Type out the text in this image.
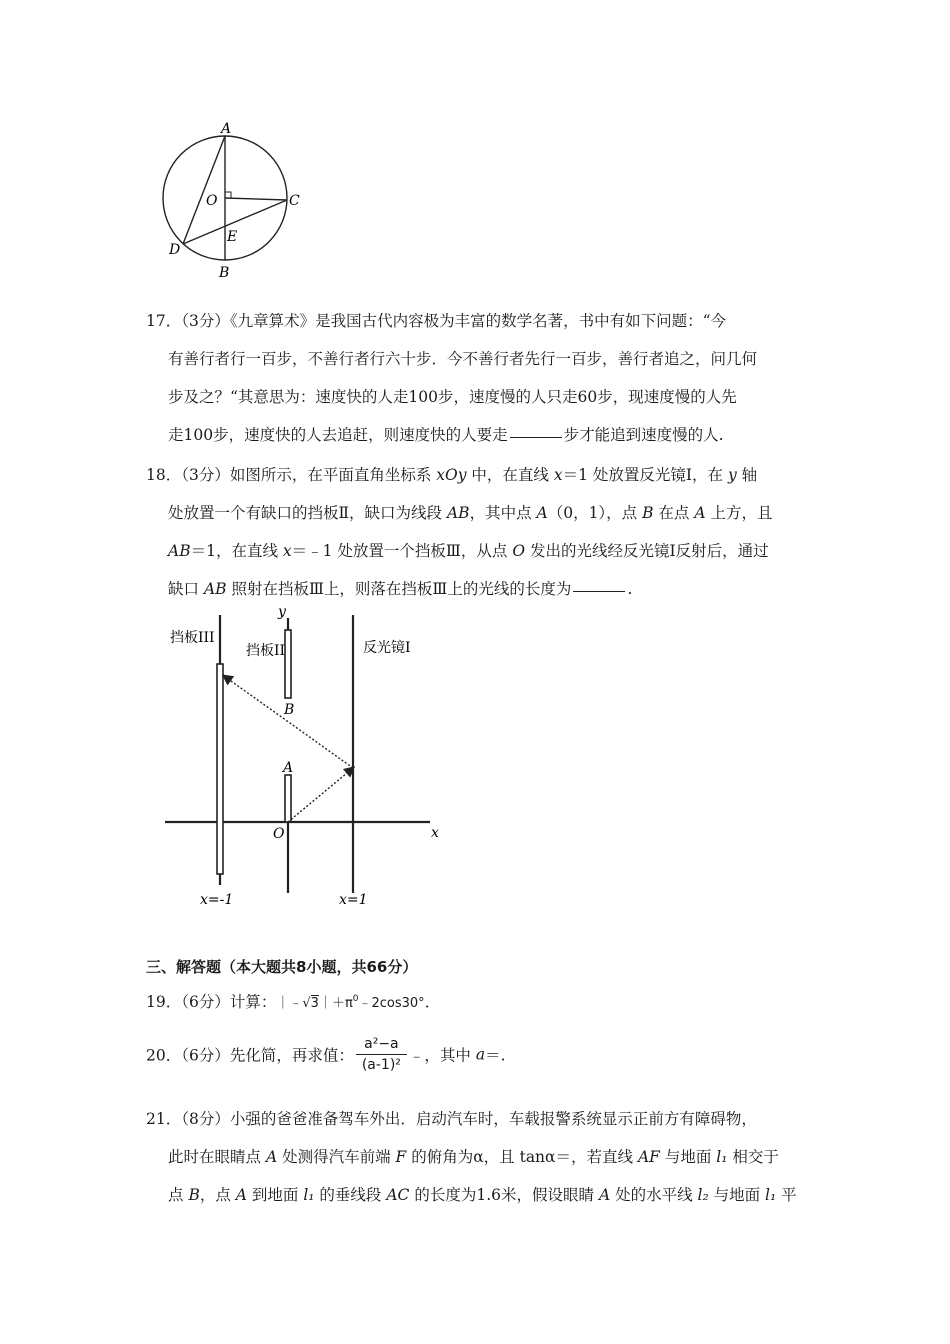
A
O	C
D
E
B
17．（3分）《九章算术》是我国古代内容极为丰富的数学名著，书中有如下问题：“今
有善行者行一百步，不善行者行六十步．今不善行者先行一百步，善行者追之，问几何
步及之？“其意思为：速度快的人走100步，速度慢的人只走60步，现速度慢的人先
走100步，速度快的人去追赶，则速度快的人要走	步才能追到速度慢的人.
18．（3分）如图所示，在平面直角坐标系 xOy 中，在直线 x＝1 处放置反光镜Ⅰ，在 y 轴
处放置一个有缺口的挡板Ⅱ，缺口为线段 AB，其中点 A（0，1），点 B 在点 A 上方，且
AB＝1，在直线 x＝﹣1 处放置一个挡板Ⅲ，从点 O 发出的光线经反光镜Ⅰ反射后，通过
缺口 AB 照射在挡板Ⅲ上，则落在挡板Ⅲ上的光线的长度为	.
挡板III
挡板II	反光镜I
y
x
B
A
O
x=-1	x=1
三、解答题（本大题共8小题，共66分）
19．（6分）计算：$|﹣√3|+\pi^0﹣2\cos 30^\circ$．
20．（6分）先化简，再求值： $\frac{\text{a²−a}}{\text{(a-1)²}}$ ﹣，其中 a＝.
21．（8分）小强的爸爸准备驾车外出．启动汽车时，车载报警系统显示正前方有障碍物，
此时在眼睛点 A 处测得汽车前端 F 的俯角为α，且 tanα＝，若直线 AF 与地面 l₁ 相交于
点 B，点 A 到地面 l₁ 的垂线段 AC 的长度为1.6米，假设眼睛 A 处的水平线 l₂ 与地面 l₁ 平
